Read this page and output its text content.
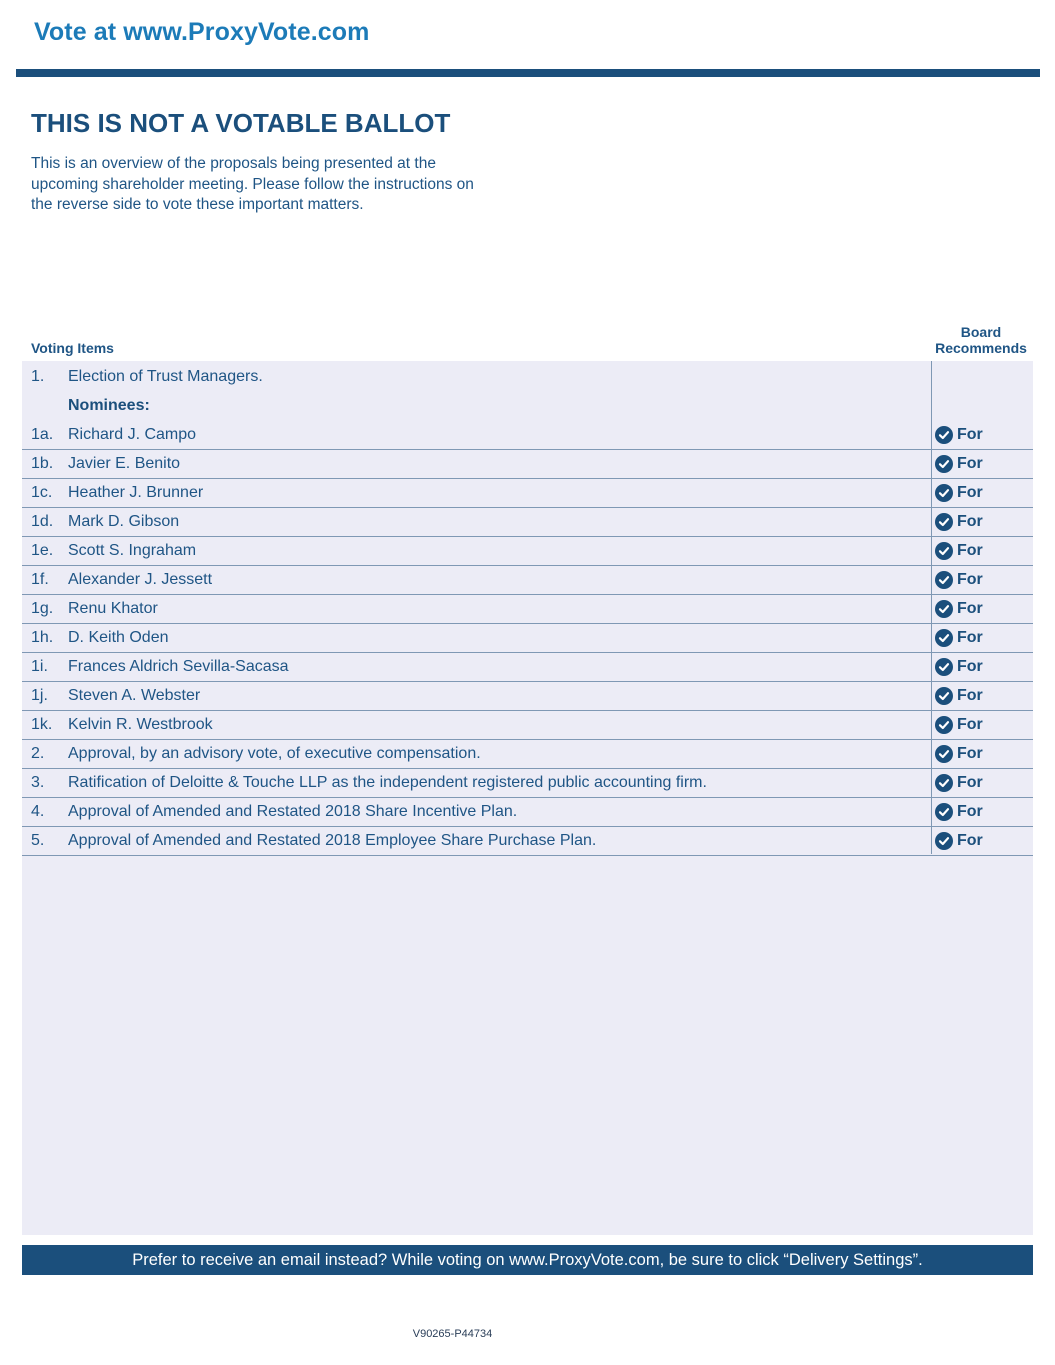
Vote at www.ProxyVote.com
THIS IS NOT A VOTABLE BALLOT
This is an overview of the proposals being presented at the
upcoming shareholder meeting. Please follow the instructions on
the reverse side to vote these important matters.
Voting Items
Board
Recommends
1. Election of Trust Managers.
Nominees:
1a. Richard J. Campo	For
1b. Javier E. Benito	For
1c. Heather J. Brunner	For
1d. Mark D. Gibson	For
1e. Scott S. Ingraham	For
1f. Alexander J. Jessett	For
1g. Renu Khator	For
1h. D. Keith Oden	For
1i. Frances Aldrich Sevilla-Sacasa	For
1j. Steven A. Webster	For
1k. Kelvin R. Westbrook	For
2. Approval, by an advisory vote, of executive compensation.	For
3. Ratification of Deloitte & Touche LLP as the independent registered public accounting firm.	For
4. Approval of Amended and Restated 2018 Share Incentive Plan.	For
5. Approval of Amended and Restated 2018 Employee Share Purchase Plan.	For
Prefer to receive an email instead? While voting on www.ProxyVote.com, be sure to click “Delivery Settings”.
V90265-P44734
